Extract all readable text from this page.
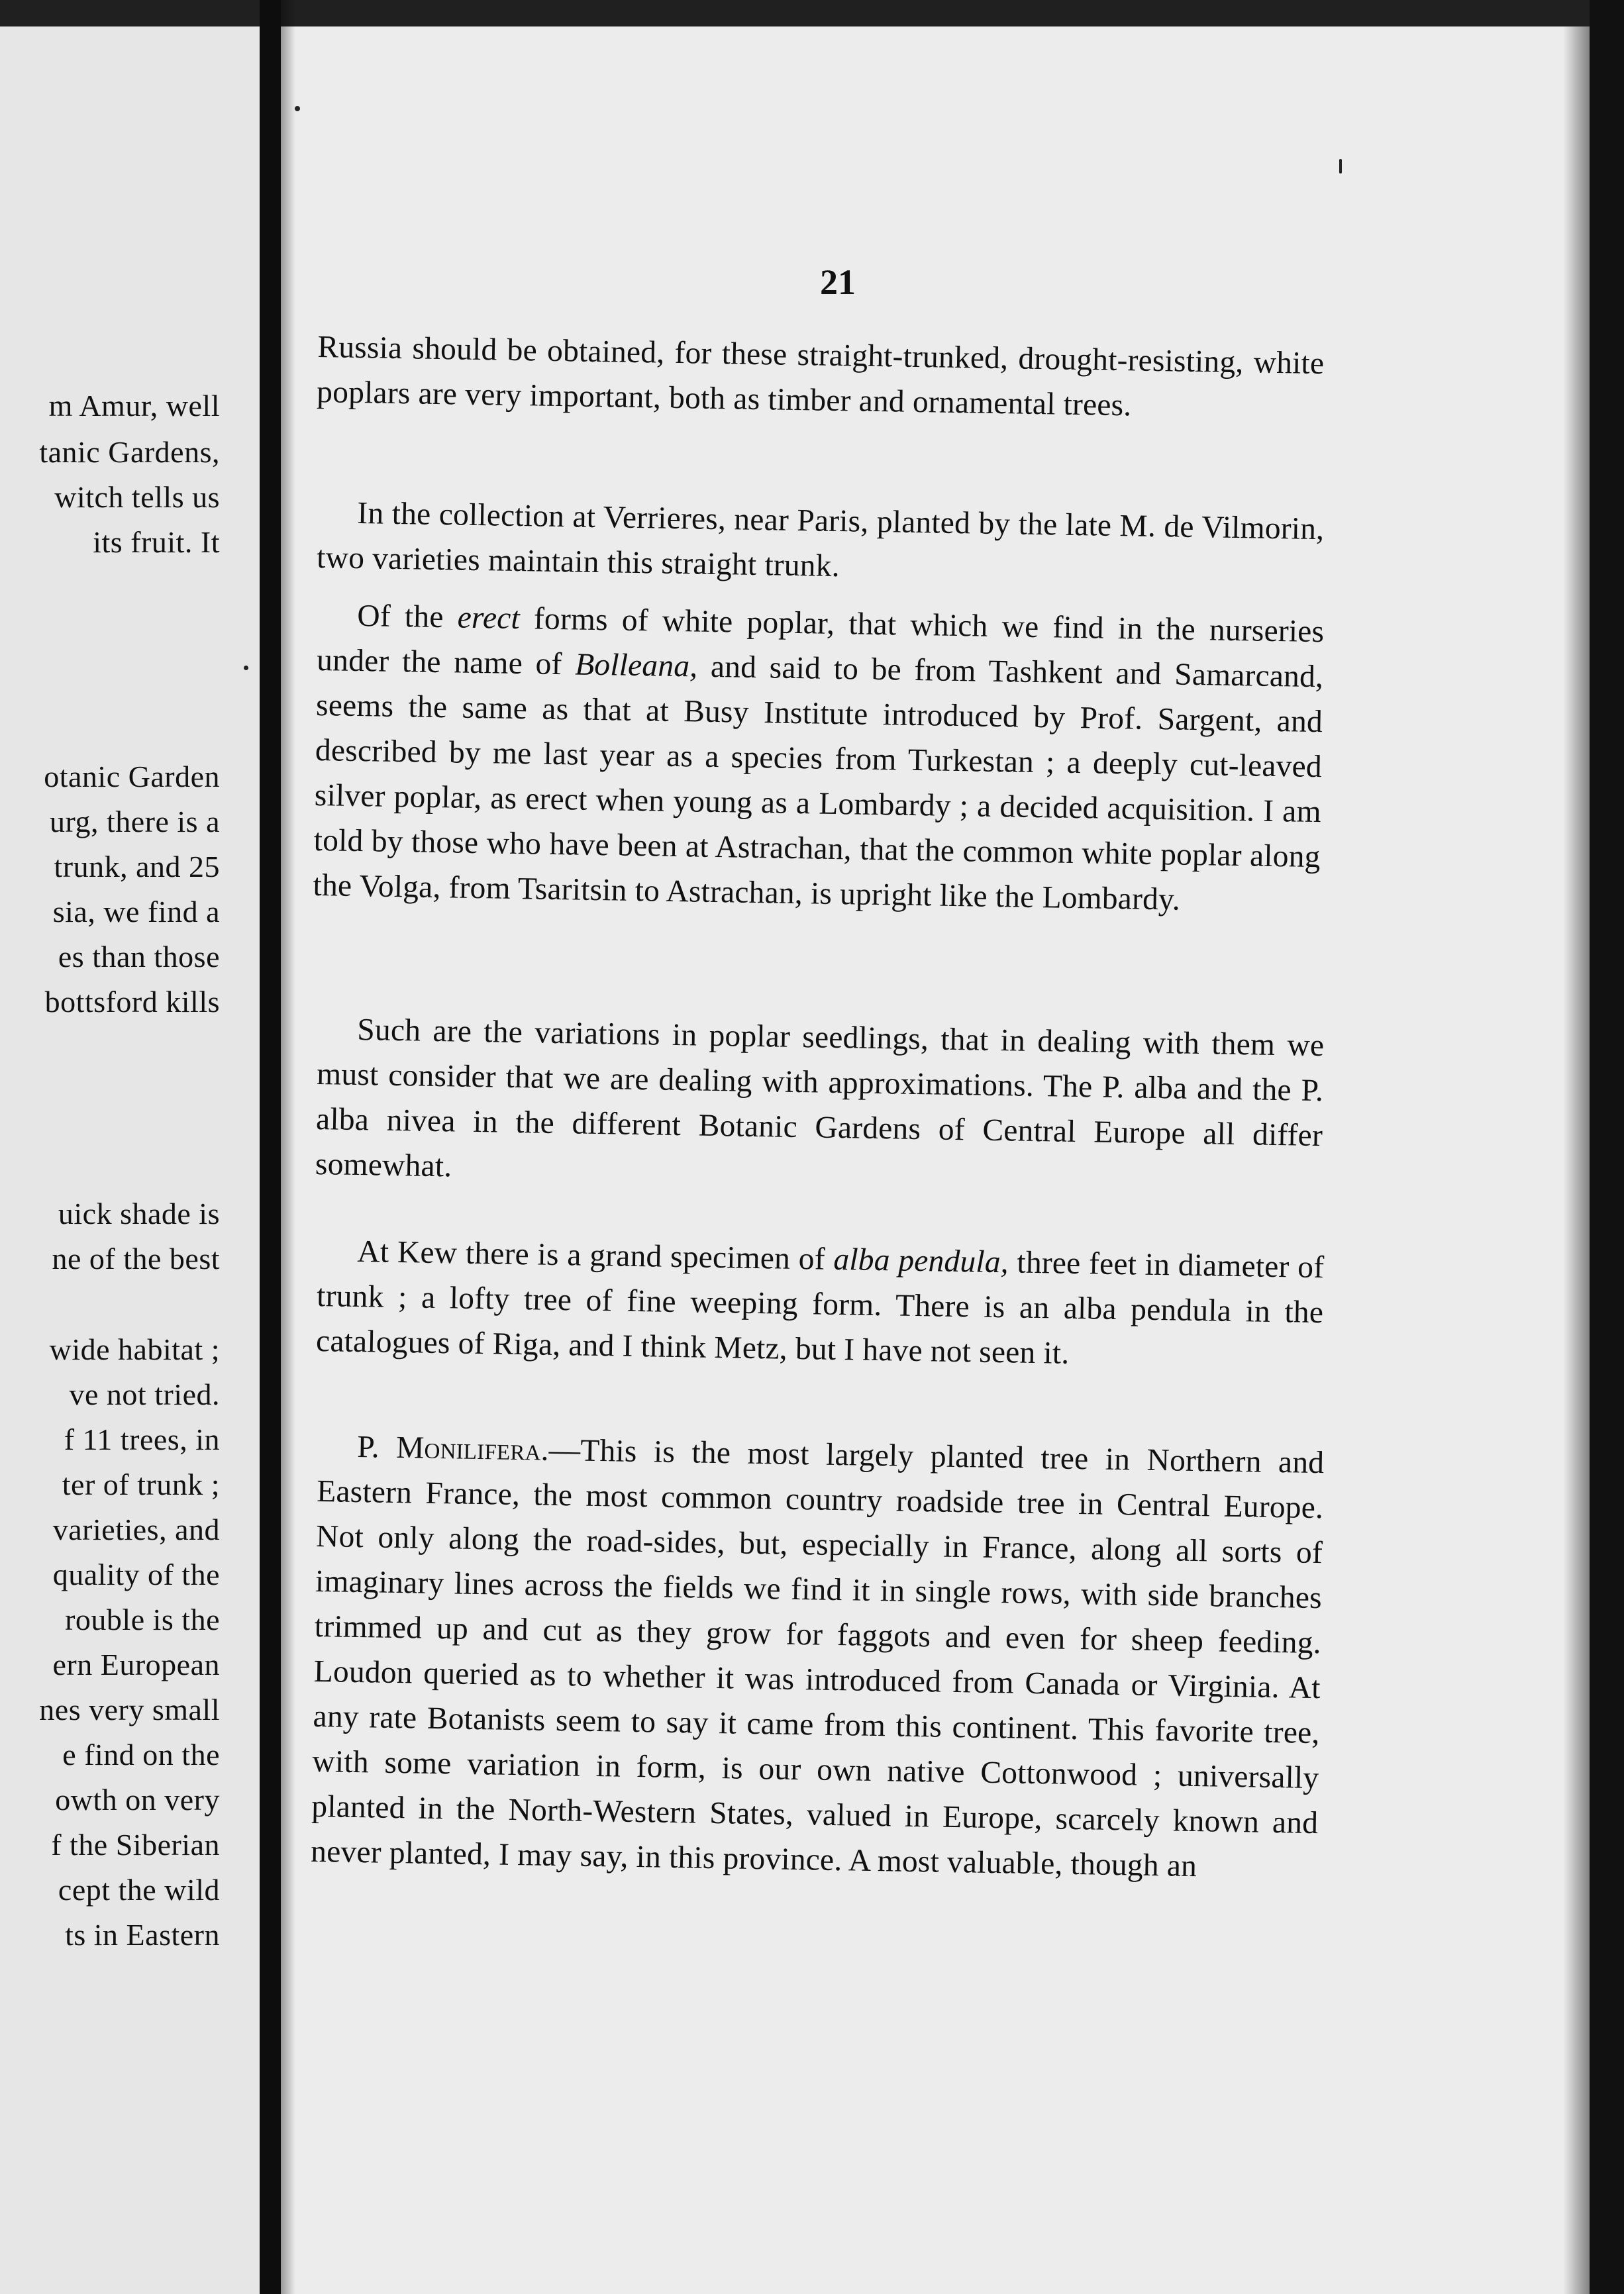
m Amur, well
tanic Gardens,
witch tells us
its fruit. It
otanic Garden
urg, there is a
trunk, and 25
sia, we find a
es than those
bottsford kills
uick shade is
ne of the best
wide habitat ;
ve not tried.
f 11 trees, in
ter of trunk ;
varieties, and
quality of the
rouble is the
ern European
nes very small
e find on the
owth on very
f the Siberian
cept the wild
ts in Eastern
21

Russia should be obtained, for these straight-trunked, drought-resisting, white poplars are very important, both as timber and ornamental trees.

In the collection at Verrieres, near Paris, planted by the late M. de Vilmorin, two varieties maintain this straight trunk.

Of the erect forms of white poplar, that which we find in the nurseries under the name of Bolleana, and said to be from Tashkent and Samarcand, seems the same as that at Busy Institute introduced by Prof. Sargent, and described by me last year as a species from Turkestan ; a deeply cut-leaved silver poplar, as erect when young as a Lombardy ; a decided acquisition. I am told by those who have been at Astrachan, that the common white poplar along the Volga, from Tsaritsin to Astrachan, is upright like the Lombardy.

Such are the variations in poplar seedlings, that in dealing with them we must consider that we are dealing with approximations. The P. alba and the P. alba nivea in the different Botanic Gardens of Central Europe all differ somewhat.

At Kew there is a grand specimen of alba pendula, three feet in diameter of trunk ; a lofty tree of fine weeping form. There is an alba pendula in the catalogues of Riga, and I think Metz, but I have not seen it.

P. Monilifera.—This is the most largely planted tree in Northern and Eastern France, the most common country roadside tree in Central Europe. Not only along the road-sides, but, especially in France, along all sorts of imaginary lines across the fields we find it in single rows, with side branches trimmed up and cut as they grow for faggots and even for sheep feeding. Loudon queried as to whether it was introduced from Canada or Virginia. At any rate Botanists seem to say it came from this continent. This favorite tree, with some variation in form, is our own native Cottonwood ; universally planted in the North-Western States, valued in Europe, scarcely known and never planted, I may say, in this province. A most valuable, though an
